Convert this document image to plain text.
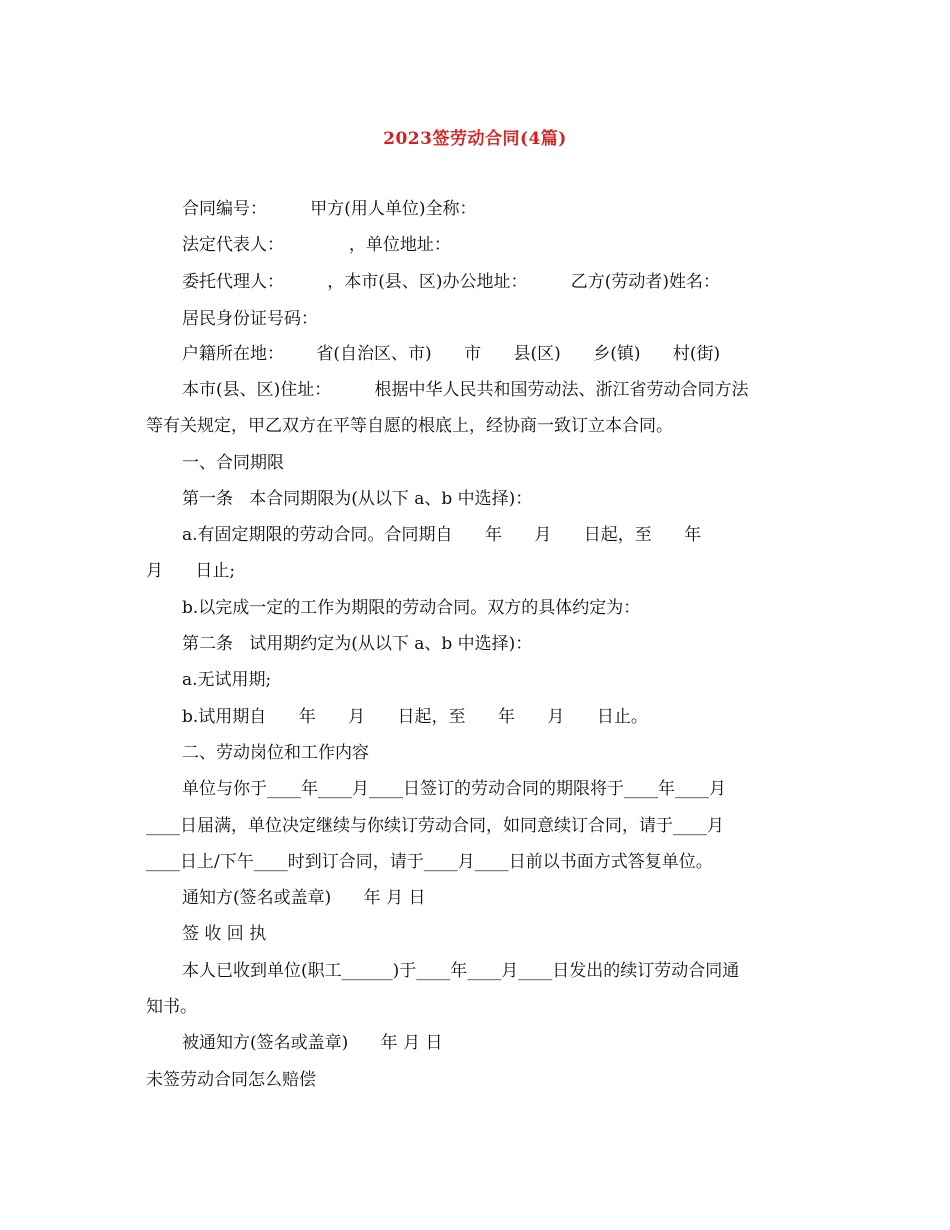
2023签劳动合同(4篇)
合同编号：        甲方(用人单位)全称：
法定代表人：            ，单位地址：
委托代理人：        ，本市(县、区)办公地址：        乙方(劳动者)姓名：
居民身份证号码：
户籍所在地：      省(自治区、市)      市      县(区)      乡(镇)      村(街)
本市(县、区)住址：        根据中华人民共和国劳动法、浙江省劳动合同方法
等有关规定，甲乙双方在平等自愿的根底上，经协商一致订立本合同。
一、合同期限
第一条   本合同期限为(从以下 a、b 中选择)：
a.有固定期限的劳动合同。合同期自      年      月      日起，至      年
月      日止;
b.以完成一定的工作为期限的劳动合同。双方的具体约定为：
第二条   试用期约定为(从以下 a、b 中选择)：
a.无试用期;
b.试用期自      年      月      日起，至      年      月      日止。
二、劳动岗位和工作内容
单位与你于____年____月____日签订的劳动合同的期限将于____年____月
____日届满，单位决定继续与你续订劳动合同，如同意续订合同，请于____月
____日上/下午____时到订合同，请于____月____日前以书面方式答复单位。
通知方(签名或盖章)      年 月 日
签 收 回 执
本人已收到单位(职工______)于____年____月____日发出的续订劳动合同通
知书。
被通知方(签名或盖章)      年 月 日
未签劳动合同怎么赔偿
